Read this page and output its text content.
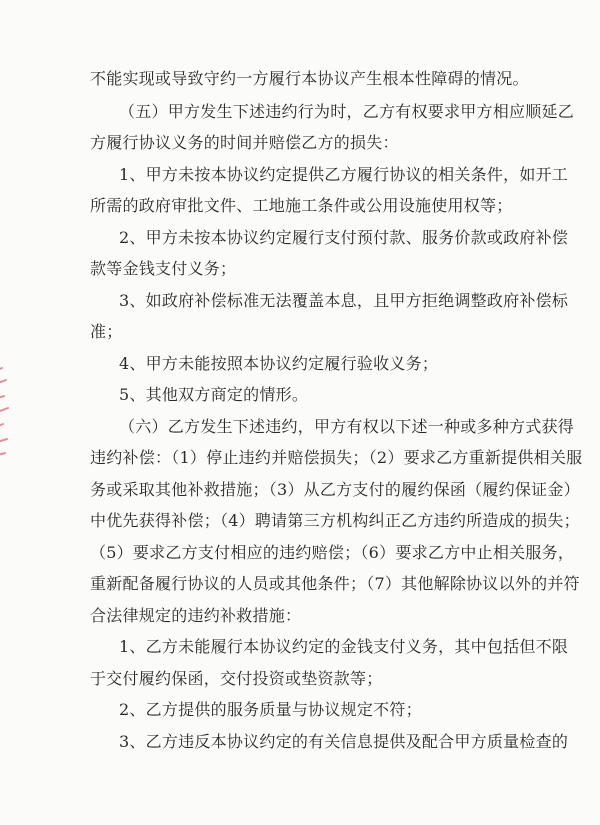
不能实现或导致守约一方履行本协议产生根本性障碍的情况。
（五）甲方发生下述违约行为时，乙方有权要求甲方相应顺延乙
方履行协议义务的时间并赔偿乙方的损失：
1、甲方未按本协议约定提供乙方履行协议的相关条件，如开工
所需的政府审批文件、工地施工条件或公用设施使用权等；
2、甲方未按本协议约定履行支付预付款、服务价款或政府补偿
款等金钱支付义务；
3、如政府补偿标准无法覆盖本息，且甲方拒绝调整政府补偿标
准；
4、甲方未能按照本协议约定履行验收义务；
5、其他双方商定的情形。
（六）乙方发生下述违约，甲方有权以下述一种或多种方式获得
违约补偿：（1）停止违约并赔偿损失；（2）要求乙方重新提供相关服
务或采取其他补救措施；（3）从乙方支付的履约保函（履约保证金）
中优先获得补偿；（4）聘请第三方机构纠正乙方违约所造成的损失；
（5）要求乙方支付相应的违约赔偿；（6）要求乙方中止相关服务，
重新配备履行协议的人员或其他条件；（7）其他解除协议以外的并符
合法律规定的违约补救措施：
1、乙方未能履行本协议约定的金钱支付义务，其中包括但不限
于交付履约保函，交付投资或垫资款等；
2、乙方提供的服务质量与协议规定不符；
3、乙方违反本协议约定的有关信息提供及配合甲方质量检查的
